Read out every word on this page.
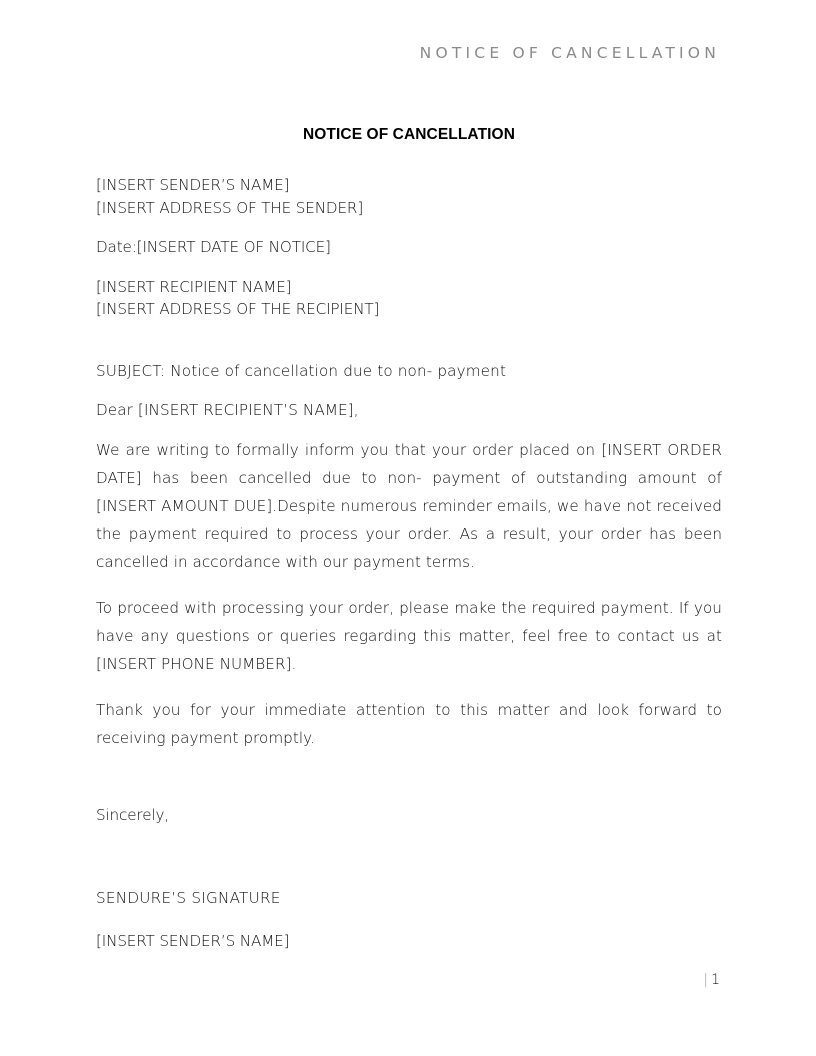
NOTICE OF CANCELLATION
NOTICE OF CANCELLATION
[INSERT SENDER’S NAME]
[INSERT ADDRESS OF THE SENDER]
Date:[INSERT DATE OF NOTICE]
[INSERT RECIPIENT NAME]
[INSERT ADDRESS OF THE RECIPIENT]
SUBJECT: Notice of cancellation due to non- payment
Dear [INSERT RECIPIENT’S NAME],

We are writing to formally inform you that your order placed on [INSERT ORDER DATE] has been cancelled due to non- payment of outstanding amount of [INSERT AMOUNT DUE].Despite numerous reminder emails, we have not received the payment required to process your order. As a result, your order has been cancelled in accordance with our payment terms.

To proceed with processing your order, please make the required payment. If you have any questions or queries regarding this matter, feel free to contact us at [INSERT PHONE NUMBER].

Thank you for your immediate attention to this matter and look forward to receiving payment promptly.

Sincerely,
SENDURE’S SIGNATURE
[INSERT SENDER’S NAME]
| 1
